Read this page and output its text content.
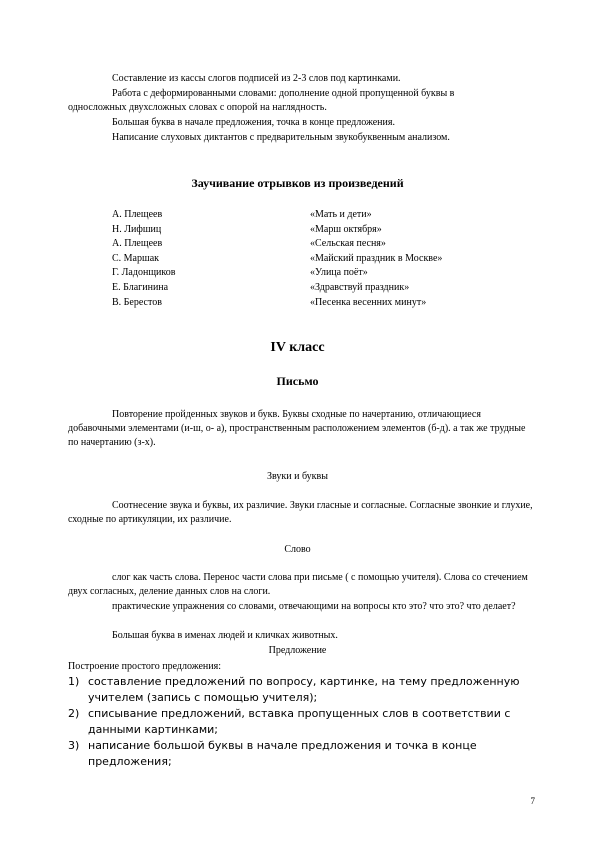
Составление из кассы слогов подписей из 2-3 слов под картинками.

Работа с деформированными словами: дополнение одной пропущенной буквы в

односложных двухсложных словах с опорой на наглядность.

Большая буква в начале предложения, точка в конце предложения.

Написание слуховых диктантов с предварительным звукобуквенным анализом.

Заучивание отрывков из произведений
А. Плещеев	«Мать и дети»
Н. Лифшиц	«Марш октября»
А. Плещеев	«Сельская песня»
С. Маршак	«Майский праздник в Москве»
Г. Ладонщиков	«Улица поёт»
Е. Благинина	«Здравствуй праздник»
В. Берестов	«Песенка весенних минут»
IV класс
Письмо

Повторение пройденных звуков и букв. Буквы сходные по начертанию, отличающиеся добавочными элементами (и-ш, о- а), пространственным расположением элементов (б-д). а так же трудные по начертанию (з-х).

Звуки и буквы

Соотнесение звука и буквы, их различие. Звуки гласные и согласные. Согласные звонкие и глухие, сходные по артикуляции, их различие.

Слово

слог как часть слова. Перенос части слова при письме ( с помощью учителя). Слова со стечением двух согласных, деление данных слов на слоги.

практические упражнения со словами, отвечающими на вопросы кто это? что это? что делает?

Большая буква в именах людей и кличках животных.

Предложение

Построение простого предложения:

1) составление предложений по вопросу, картинке, на тему предложенную учителем (запись с помощью учителя);
2) списывание предложений, вставка пропущенных слов в соответствии с данными картинками;
3) написание большой буквы в начале предложения и точка в конце предложения;
7
